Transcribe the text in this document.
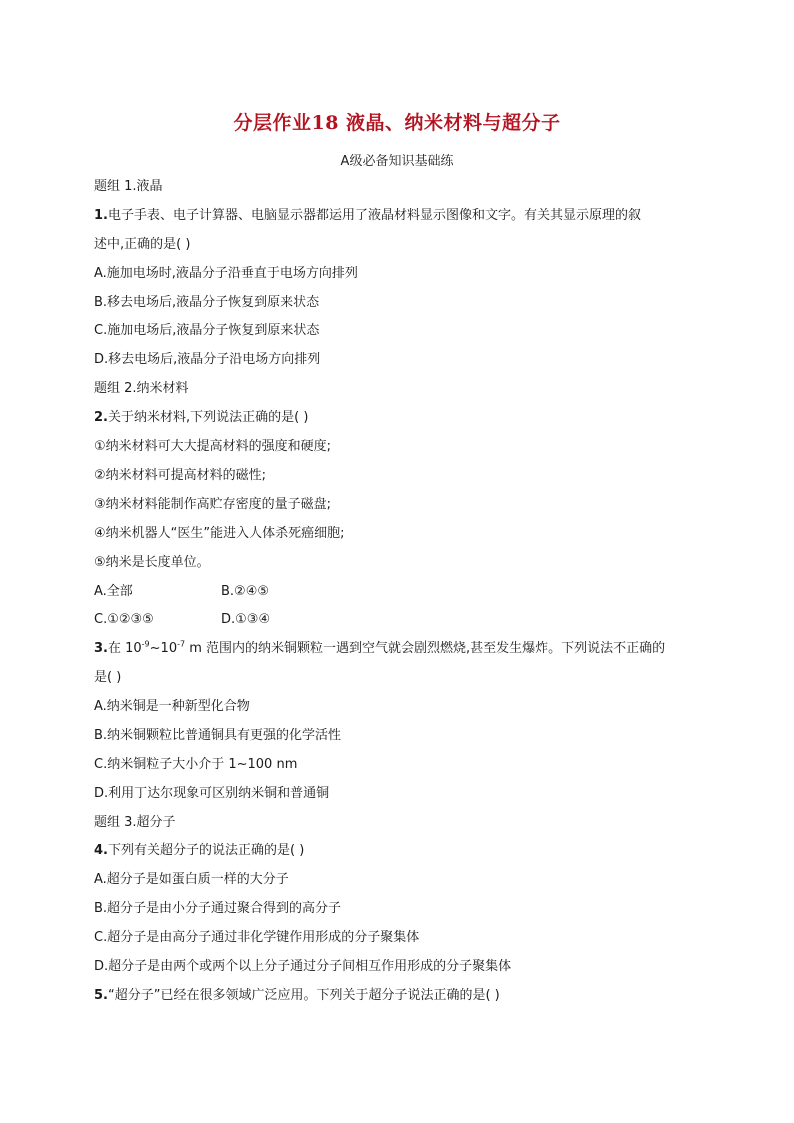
分层作业18 液晶、纳米材料与超分子
A级必备知识基础练
题组 1.液晶
1.电子手表、电子计算器、电脑显示器都运用了液晶材料显示图像和文字。有关其显示原理的叙
述中,正确的是( )
A.施加电场时,液晶分子沿垂直于电场方向排列
B.移去电场后,液晶分子恢复到原来状态
C.施加电场后,液晶分子恢复到原来状态
D.移去电场后,液晶分子沿电场方向排列
题组 2.纳米材料
2.关于纳米材料,下列说法正确的是( )
①纳米材料可大大提高材料的强度和硬度;
②纳米材料可提高材料的磁性;
③纳米材料能制作高贮存密度的量子磁盘;
④纳米机器人“医生”能进入人体杀死癌细胞;
⑤纳米是长度单位。
A.全部	B.②④⑤
C.①②③⑤	D.①③④
3.在 $10^{-9}\sim 10^{-7}$ m 范围内的纳米铜颗粒一遇到空气就会剧烈燃烧,甚至发生爆炸。下列说法不正确的
是( )
A.纳米铜是一种新型化合物
B.纳米铜颗粒比普通铜具有更强的化学活性
C.纳米铜粒子大小介于 1~100 nm
D.利用丁达尔现象可区别纳米铜和普通铜
题组 3.超分子
4.下列有关超分子的说法正确的是( )
A.超分子是如蛋白质一样的大分子
B.超分子是由小分子通过聚合得到的高分子
C.超分子是由高分子通过非化学键作用形成的分子聚集体
D.超分子是由两个或两个以上分子通过分子间相互作用形成的分子聚集体
5.“超分子”已经在很多领域广泛应用。下列关于超分子说法正确的是( )
